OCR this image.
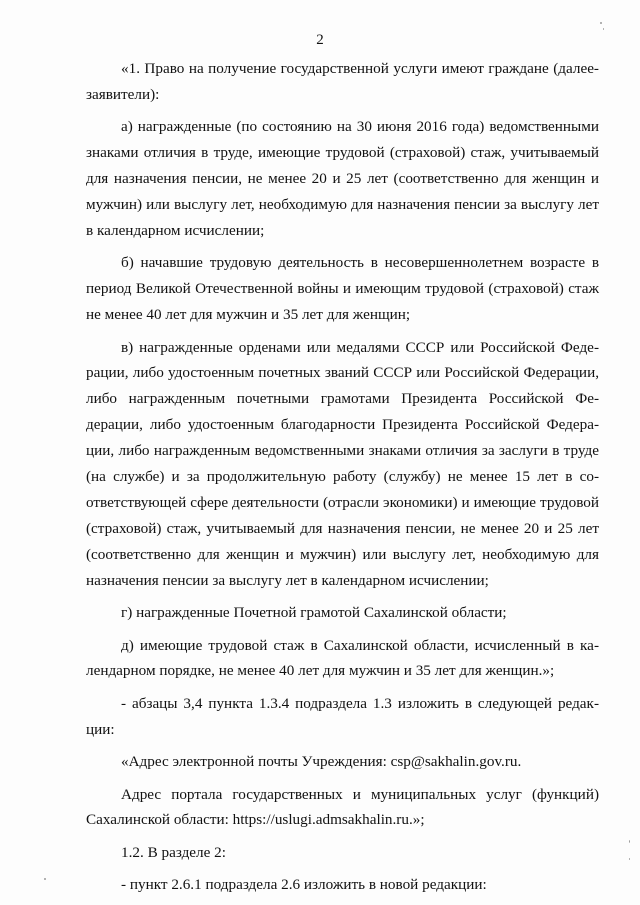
2

«1. Право на получение государственной услуги имеют граждане (далее-заявители):

а) награжденные (по состоянию на 30 июня 2016 года) ведомственными знаками отличия в труде, имеющие трудовой (страховой) стаж, учитываемый для назначения пенсии, не менее 20 и 25 лет (соответственно для женщин и мужчин) или выслугу лет, необходимую для назначения пенсии за выслугу лет в календарном исчислении;

б) начавшие трудовую деятельность в несовершеннолетнем возрасте в период Великой Отечественной войны и имеющим трудовой (страховой) стаж не менее 40 лет для мужчин и 35 лет для женщин;

в) награжденные орденами или медалями СССР или Российской Федерации, либо удостоенным почетных званий СССР или Российской Федерации, либо награжденным почетными грамотами Президента Российской Федерации, либо удостоенным благодарности Президента Российской Федерации, либо награжденным ведомственными знаками отличия за заслуги в труде (на службе) и за продолжительную работу (службу) не менее 15 лет в соответствующей сфере деятельности (отрасли экономики) и имеющие трудовой (страховой) стаж, учитываемый для назначения пенсии, не менее 20 и 25 лет (соответственно для женщин и мужчин) или выслугу лет, необходимую для назначения пенсии за выслугу лет в календарном исчислении;

г) награжденные Почетной грамотой Сахалинской области;

д) имеющие трудовой стаж в Сахалинской области, исчисленный в календарном порядке, не менее 40 лет для мужчин и 35 лет для женщин.»;

- абзацы 3,4 пункта 1.3.4 подраздела 1.3 изложить в следующей редакции:

«Адрес электронной почты Учреждения: csp@sakhalin.gov.ru.

Адрес портала государственных и муниципальных услуг (функций) Сахалинской области: https://uslugi.admsakhalin.ru.»;

1.2. В разделе 2:

- пункт 2.6.1 подраздела 2.6 изложить в новой редакции:
